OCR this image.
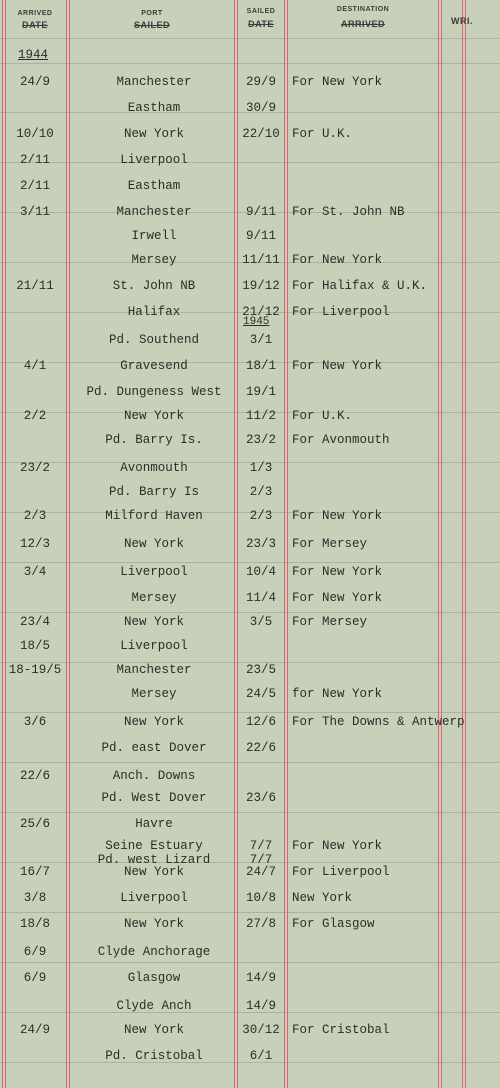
ARRIVED
DATE
PORT
SAILED
SAILED
DATE
DESTINATION
ARRIVED	WRI.
1944
1945
24/9	Manchester	29/9	For New York
Eastham	30/9
10/10	New York	22/10 For U.K.
2/11	Liverpool
2/11	Eastham
3/11	Manchester	9/11	For St. John NB
Irwell	9/11
Mersey	11/11 For New York
21/11	St. John NB	19/12 For Halifax & U.K.
Halifax	21/12 For Liverpool
Pd. Southend	3/1
4/1	Gravesend	18/1	For New York
Pd. Dungeness West	19/1
2/2	New York	11/2	For U.K.
Pd. Barry Is.	23/2	For Avonmouth
23/2	Avonmouth	1/3
Pd. Barry Is	2/3
2/3	Milford Haven	2/3	For New York
12/3	New York	23/3	For Mersey
3/4	Liverpool	10/4	For New York
Mersey	11/4	For New York
23/4	New York	3/5	For Mersey
18/5	Liverpool
18-19/5	Manchester	23/5
Mersey	24/5	for New York
3/6	New York	12/6	For The Downs & Antwerp
Pd. east Dover	22/6
22/6	Anch. Downs
Pd. West Dover	23/6
25/6	Havre
Seine Estuary	7/7	For New York
Pd. west Lizard	7/7
16/7	New York	24/7	For Liverpool
3/8	Liverpool	10/8	New York
18/8	New York	27/8	For Glasgow
6/9	Clyde Anchorage
6/9	Glasgow	14/9
Clyde Anch	14/9
24/9	New York	30/12 For Cristobal
Pd. Cristobal	6/1
